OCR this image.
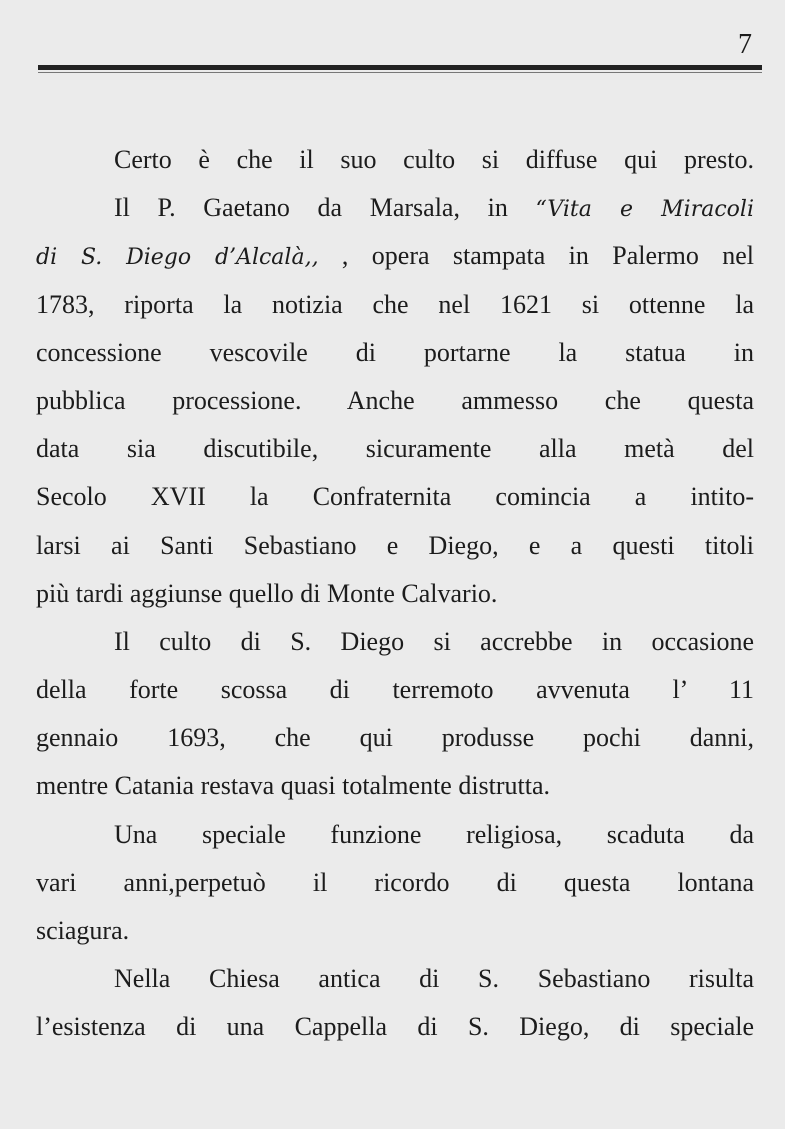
7
Certo è che il suo culto si diffuse qui presto.
Il P. Gaetano da Marsala, in “Vita e Miracoli
di S. Diego d’Alcalà,, , opera stampata in Palermo nel
1783, riporta la notizia che nel 1621 si ottenne la
concessione vescovile di portarne la statua in
pubblica processione. Anche ammesso che questa
data sia discutibile, sicuramente alla metà del
Secolo XVII la Confraternita comincia a intito-
larsi ai Santi Sebastiano e Diego, e a questi titoli
più tardi aggiunse quello di Monte Calvario.
Il culto di S. Diego si accrebbe in occasione
della forte scossa di terremoto avvenuta l’ 11
gennaio 1693, che qui produsse pochi danni,
mentre Catania restava quasi totalmente distrutta.
Una speciale funzione religiosa, scaduta da
vari anni,perpetuò il ricordo di questa lontana
sciagura.
Nella Chiesa antica di S. Sebastiano risulta
l’esistenza di una Cappella di S. Diego, di speciale
